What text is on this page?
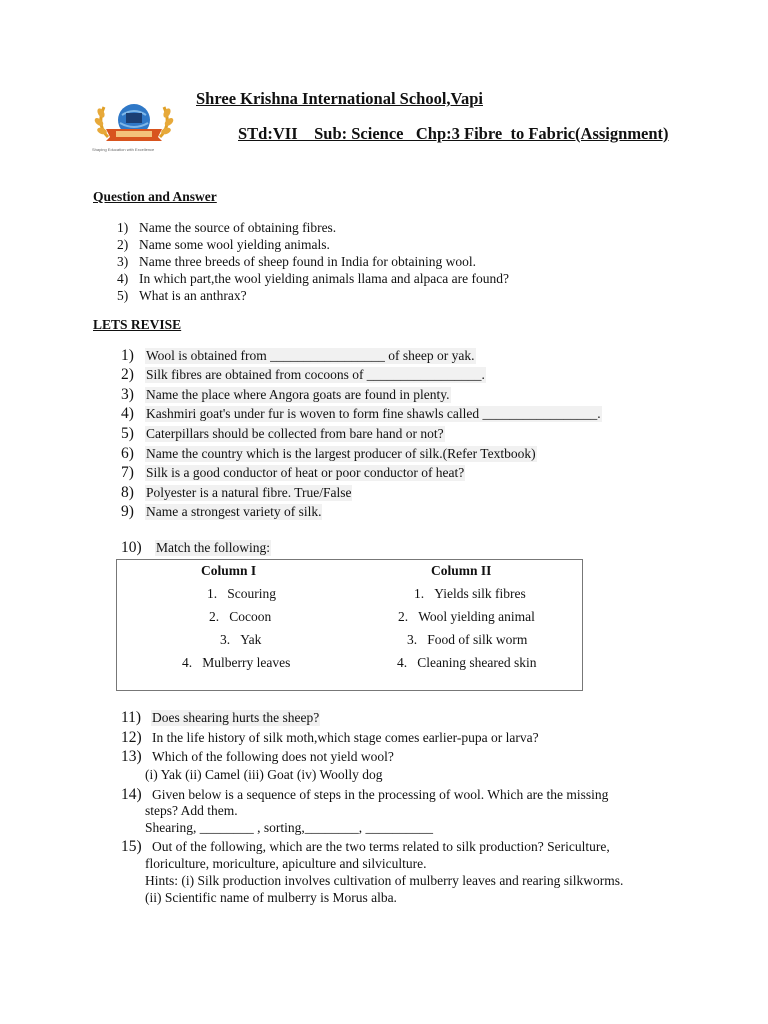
Shaping Education with Excellence
Shree Krishna International School,Vapi
STd:VII    Sub: Science   Chp:3 Fibre  to Fabric(Assignment)
Question and Answer
1) Name the source of obtaining fibres.
2) Name some wool yielding animals.
3) Name three breeds of sheep found in India for obtaining wool.
4) In which part,the wool yielding animals llama and alpaca are found?
5) What is an anthrax?
LETS REVISE
1) Wool is obtained from _________________ of sheep or yak.
2) Silk fibres are obtained from cocoons of _________________.
3) Name the place where Angora goats are found in plenty.
4) Kashmiri goat's under fur is woven to form fine shawls called _________________.
5) Caterpillars should be collected from bare hand or not?
6) Name the country which is the largest producer of silk.(Refer Textbook)
7) Silk is a good conductor of heat or poor conductor of heat?
8) Polyester is a natural fibre. True/False
9) Name a strongest variety of silk.
10)	Match the following:
Column I	Column II
1. Scouring
2. Cocoon
3. Yak
4. Mulberry leaves
1. Yields silk fibres
2. Wool yielding animal
3. Food of silk worm
4. Cleaning sheared skin
11) Does shearing hurts the sheep?
12) In the life history of silk moth,which stage comes earlier-pupa or larva?
13) Which of the following does not yield wool?
(i) Yak (ii) Camel (iii) Goat (iv) Woolly dog
14) Given below is a sequence of steps in the processing of wool. Which are the missing
steps? Add them.
Shearing, ________ , sorting,________, __________
15) Out of the following, which are the two terms related to silk production? Sericulture,
floriculture, moriculture, apiculture and silviculture.
Hints: (i) Silk production involves cultivation of mulberry leaves and rearing silkworms.
(ii) Scientific name of mulberry is Morus alba.
